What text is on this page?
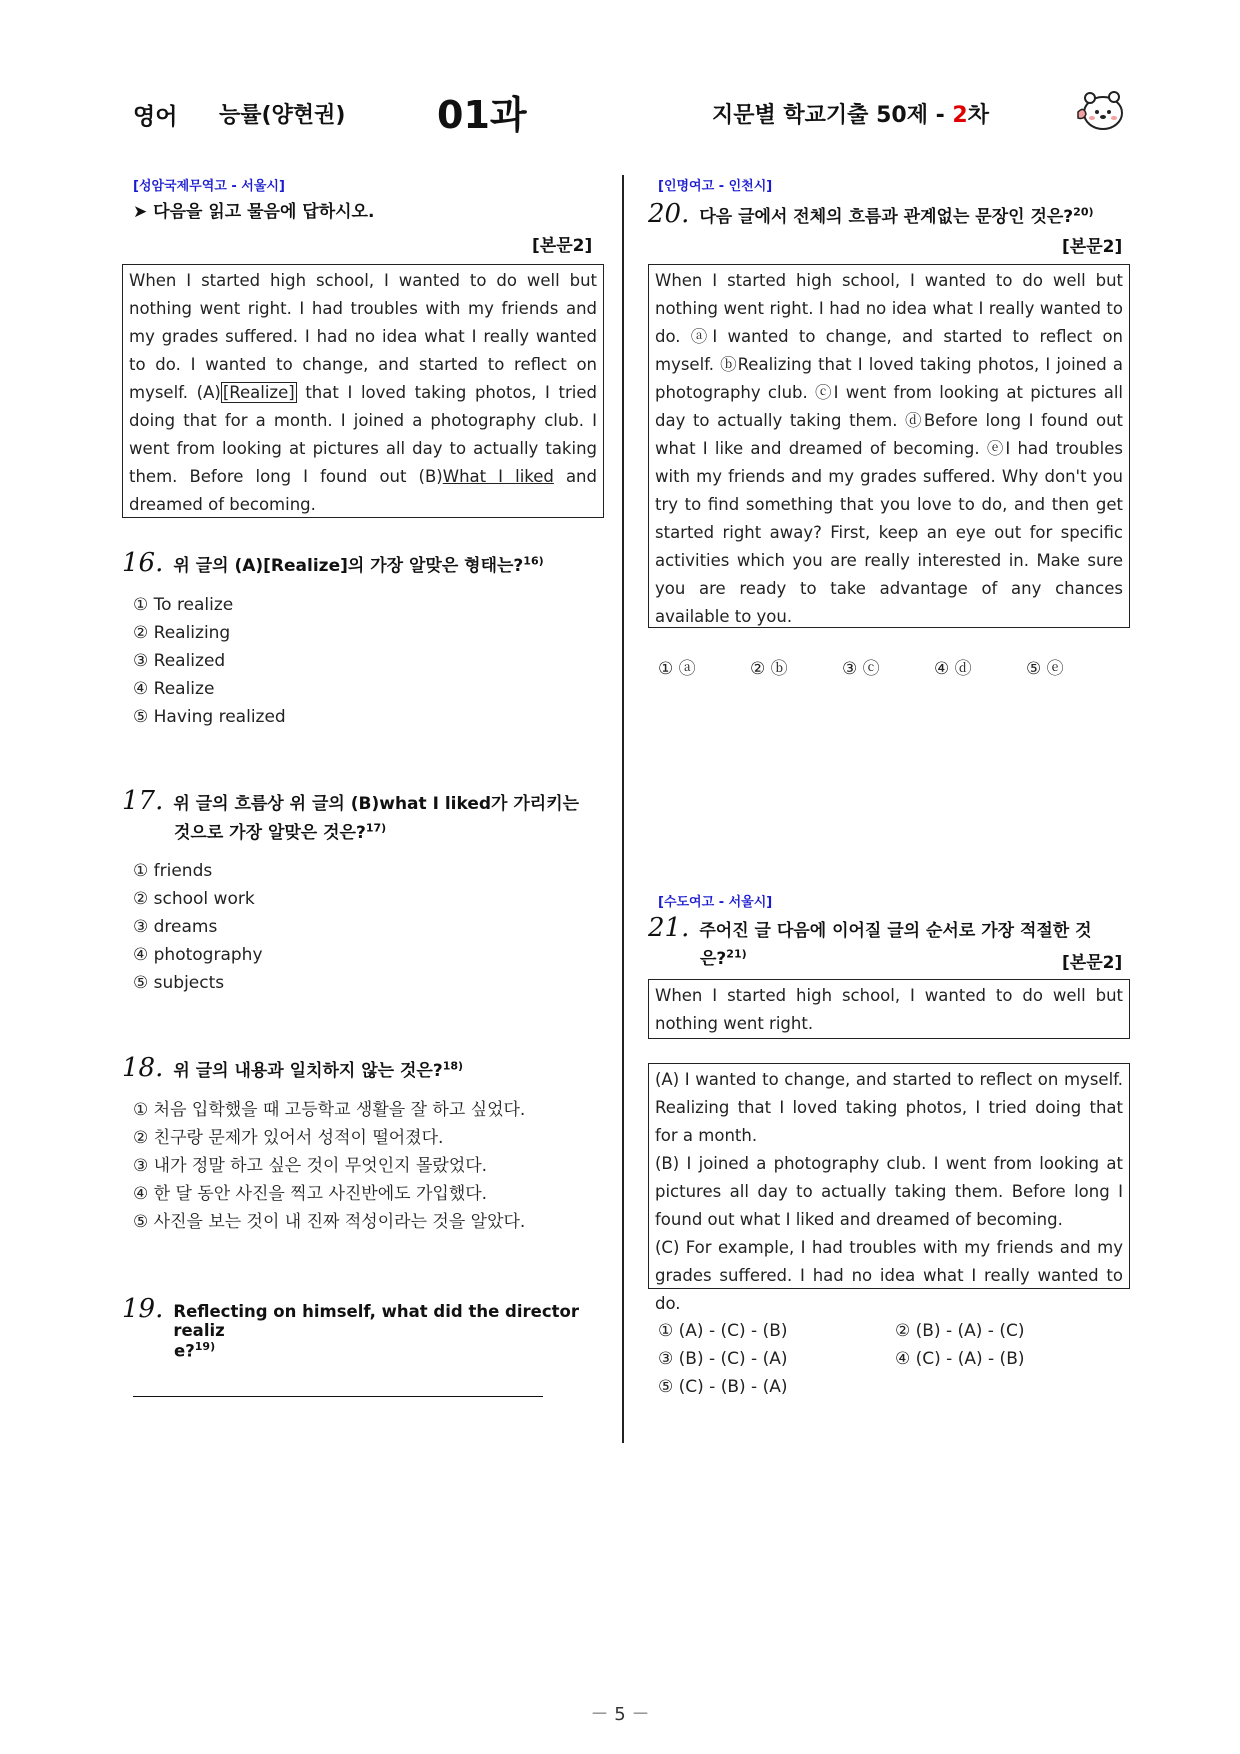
영어 능률(양현권) 01과	지문별 학교기출 50제 - 2차
[성암국제무역고 - 서울시]
➤ 다음을 읽고 물음에 답하시오.
[본문2]
When I started high school, I wanted to do well but nothing went right. I had troubles with my friends and my grades suffered. I had no idea what I really wanted to do. I wanted to change, and started to reflect on myself. (A) [Realize] that I loved taking photos, I tried doing that for a month. I joined a photography club. I went from looking at pictures all day to actually taking them. Before long I found out (B)What I liked and dreamed of becoming.
16. 위 글의 (A)[Realize]의 가장 알맞은 형태는?$^{16)}$
① To realize
② Realizing
③ Realized
④ Realize
⑤ Having realized
17. 위 글의 흐름상 위 글의 (B)what I liked가 가리키는
것으로 가장 알맞은 것은?$^{17)}$
① friends
② school work
③ dreams
④ photography
⑤ subjects
18. 위 글의 내용과 일치하지 않는 것은?$^{18)}$
① 처음 입학했을 때 고등학교 생활을 잘 하고 싶었다.
② 친구랑 문제가 있어서 성적이 떨어졌다.
③ 내가 정말 하고 싶은 것이 무엇인지 몰랐었다.
④ 한 달 동안 사진을 찍고 사진반에도 가입했다.
⑤ 사진을 보는 것이 내 진짜 적성이라는 것을 알았다.
19. Reflecting on himself, what did the director realiz
e?$^{19)}$
[인명여고 - 인천시]
20. 다음 글에서 전체의 흐름과 관계없는 문장인 것은?$^{20)}$
[본문2]
When I started high school, I wanted to do well but nothing went right. I had no idea what I really wanted to do. ⓐI wanted to change, and started to reflect on myself. ⓑRealizing that I loved taking photos, I joined a photography club. ⓒI went from looking at pictures all day to actually taking them. ⓓBefore long I found out what I like and dreamed of becoming. ⓔI had troubles with my friends and my grades suffered. Why don't you try to find something that you love to do, and then get started right away? First, keep an eye out for specific activities which you are really interested in. Make sure you are ready to take advantage of any chances available to you.
① ⓐ	② ⓑ	③ ⓒ	④ ⓓ	⑤ ⓔ
[수도여고 - 서울시]
21. 주어진 글 다음에 이어질 글의 순서로 가장 적절한 것
은?$^{21)}$	[본문2]
When I started high school, I wanted to do well but nothing went right.
(A) I wanted to change, and started to reflect on myself. Realizing that I loved taking photos, I tried doing that for a month.
(B) I joined a photography club. I went from looking at pictures all day to actually taking them. Before long I found out what I liked and dreamed of becoming.
(C) For example, I had troubles with my friends and my grades suffered. I had no idea what I really wanted to do.
① (A) - (C) - (B)	② (B) - (A) - (C)
③ (B) - (C) - (A)	④ (C) - (A) - (B)
⑤ (C) - (B) - (A)
－ 5 －
